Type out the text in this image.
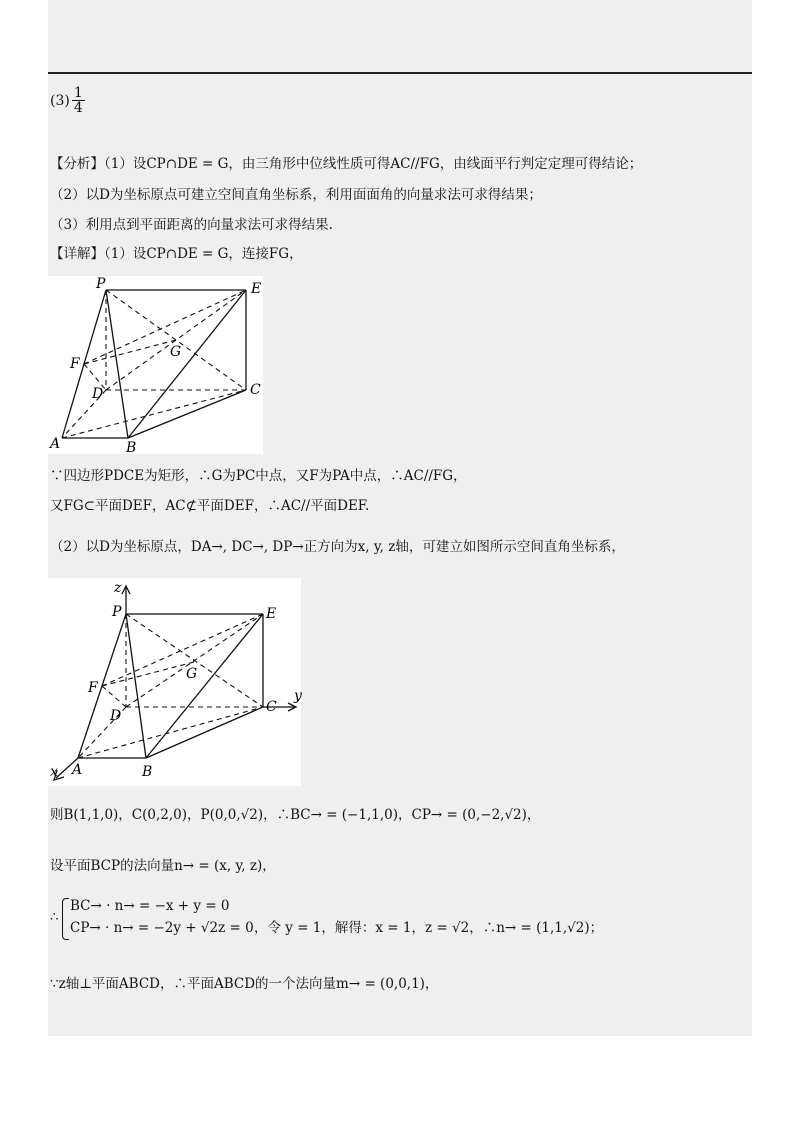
$(3) \frac{1}{4}$
【分析】（1）设CP∩DE = G，由三角形中位线性质可得AC//FG，由线面平行判定定理可得结论；
（2）以D为坐标原点可建立空间直角坐标系，利用面面角的向量求法可求得结果；
（3）利用点到平面距离的向量求法可求得结果.
【详解】（1）设CP∩DE = G，连接FG，
P	E
F
G
D	C
A	B
∵四边形PDCE为矩形，∴G为PC中点，又F为PA中点，∴AC//FG，
又FG⊂平面DEF，AC⊄平面DEF，∴AC//平面DEF.
（2）以D为坐标原点，DA→, DC→, DP→正方向为x, y, z轴，可建立如图所示空间直角坐标系，
z
y
x
P	E
F
G
D
C
A	B
则B(1,1,0)，C(0,2,0)，P(0,0,√2)，∴BC→ = (−1,1,0)，CP→ = (0,−2,√2)，
设平面BCP的法向量n→ = (x, y, z)，
∴
BC→ · n→ = −x + y = 0
CP→ · n→ = −2y + √2z = 0 ，令 y = 1，解得：x = 1，z = √2，∴n→ = (1,1,√2)；
∵z轴⊥平面ABCD，∴平面ABCD的一个法向量m→ = (0,0,1)，
